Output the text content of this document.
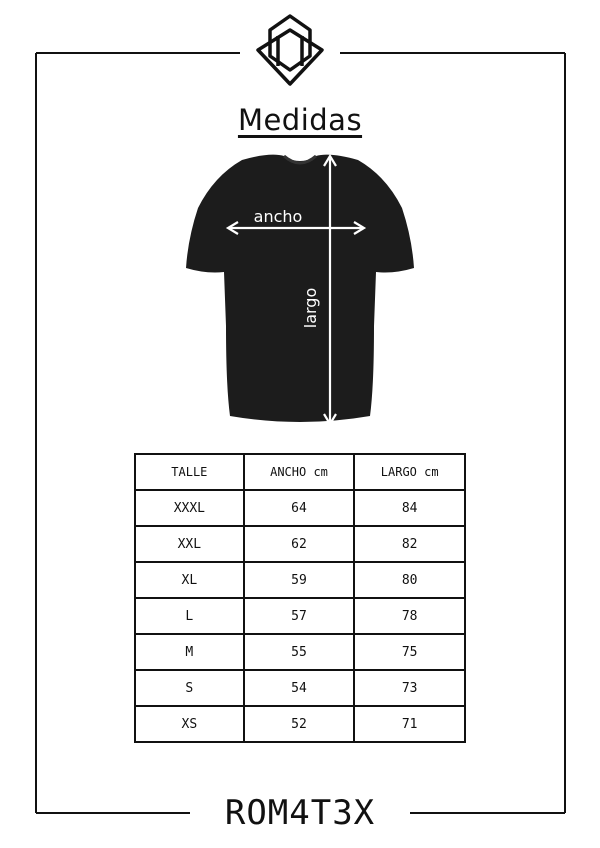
Medidas
ancho
largo
TALLE	ANCHO cm	LARGO cm
XXXL	64	84
XXL	62	82
XL	59	80
L	57	78
M	55	75
S	54	73
XS	52	71
ROM4T3X
